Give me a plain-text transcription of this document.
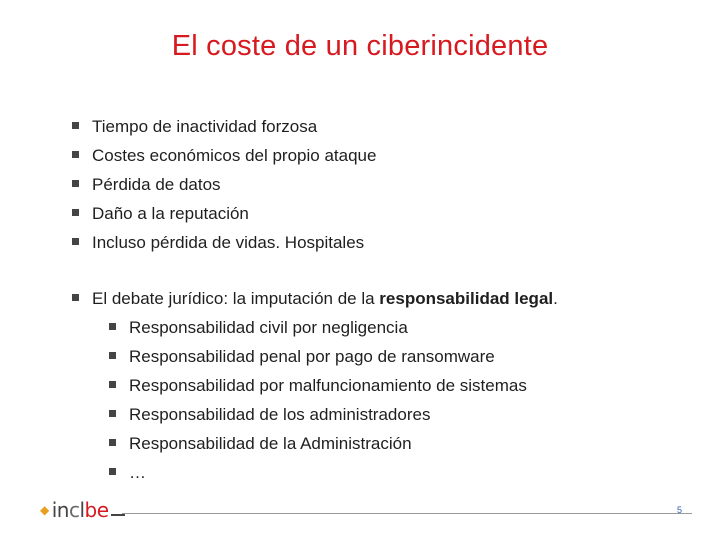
El coste de un ciberincidente
Tiempo de inactividad forzosa
Costes económicos del propio ataque
Pérdida de datos
Daño a la reputación
Incluso pérdida de vidas. Hospitales
El debate jurídico: la imputación de la responsabilidad legal.
Responsabilidad civil por negligencia
Responsabilidad penal por pago de ransomware
Responsabilidad por malfuncionamiento de sistemas
Responsabilidad de los administradores
Responsabilidad de la Administración
…
◆ in c l be	5
